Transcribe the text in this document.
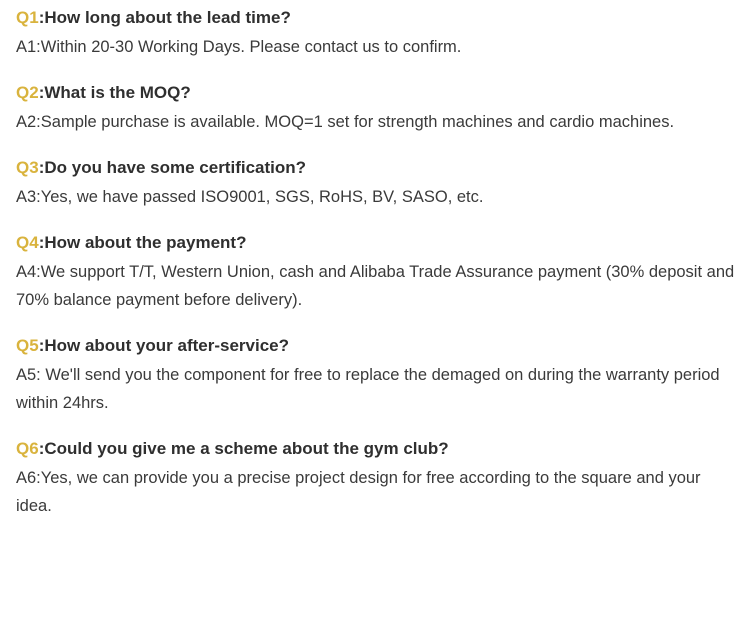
Q1:How long about the lead time?

A1:Within 20-30 Working Days. Please contact us to confirm.

Q2:What is the MOQ?

A2:Sample purchase is available. MOQ=1 set for strength machines and cardio machines.

Q3:Do you have some certification?

A3:Yes, we have passed ISO9001, SGS, RoHS, BV, SASO, etc.

Q4:How about the payment?

A4:We support T/T, Western Union, cash and Alibaba Trade Assurance payment (30% deposit and 70% balance payment before delivery).

Q5:How about your after-service?

A5: We'll send you the component for free to replace the demaged on during the warranty period within 24hrs.

Q6:Could you give me a scheme about the gym club?

A6:Yes, we can provide you a precise project design for free according to the square and your idea.
